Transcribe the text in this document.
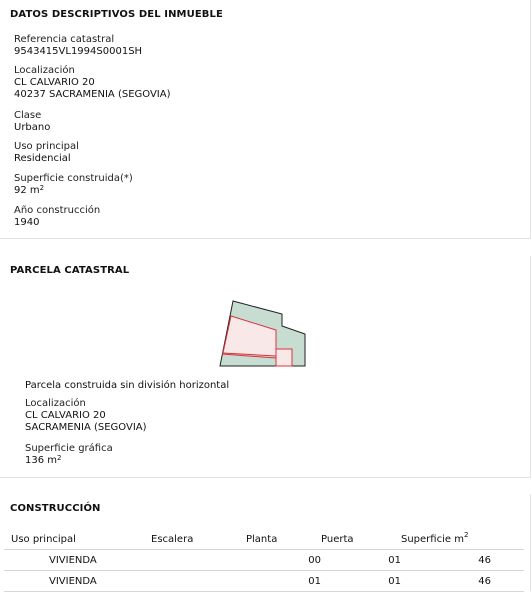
DATOS DESCRIPTIVOS DEL INMUEBLE
Referencia catastral
9543415VL1994S0001SH
Localización
CL CALVARIO 20
40237 SACRAMENIA (SEGOVIA)
Clase
Urbano
Uso principal
Residencial
Superficie construida(*)
92 $m^2$
Año construcción
1940
PARCELA CATASTRAL
Parcela construida sin división horizontal
Localización
CL CALVARIO 20
SACRAMENIA (SEGOVIA)
Superficie gráfica
136 $m^2$
CONSTRUCCIÓN
Uso principal	Escalera	Planta	Puerta	Superficie $m^2$	
VIVIENDA		00	01	46	
VIVIENDA		01	01	46	
